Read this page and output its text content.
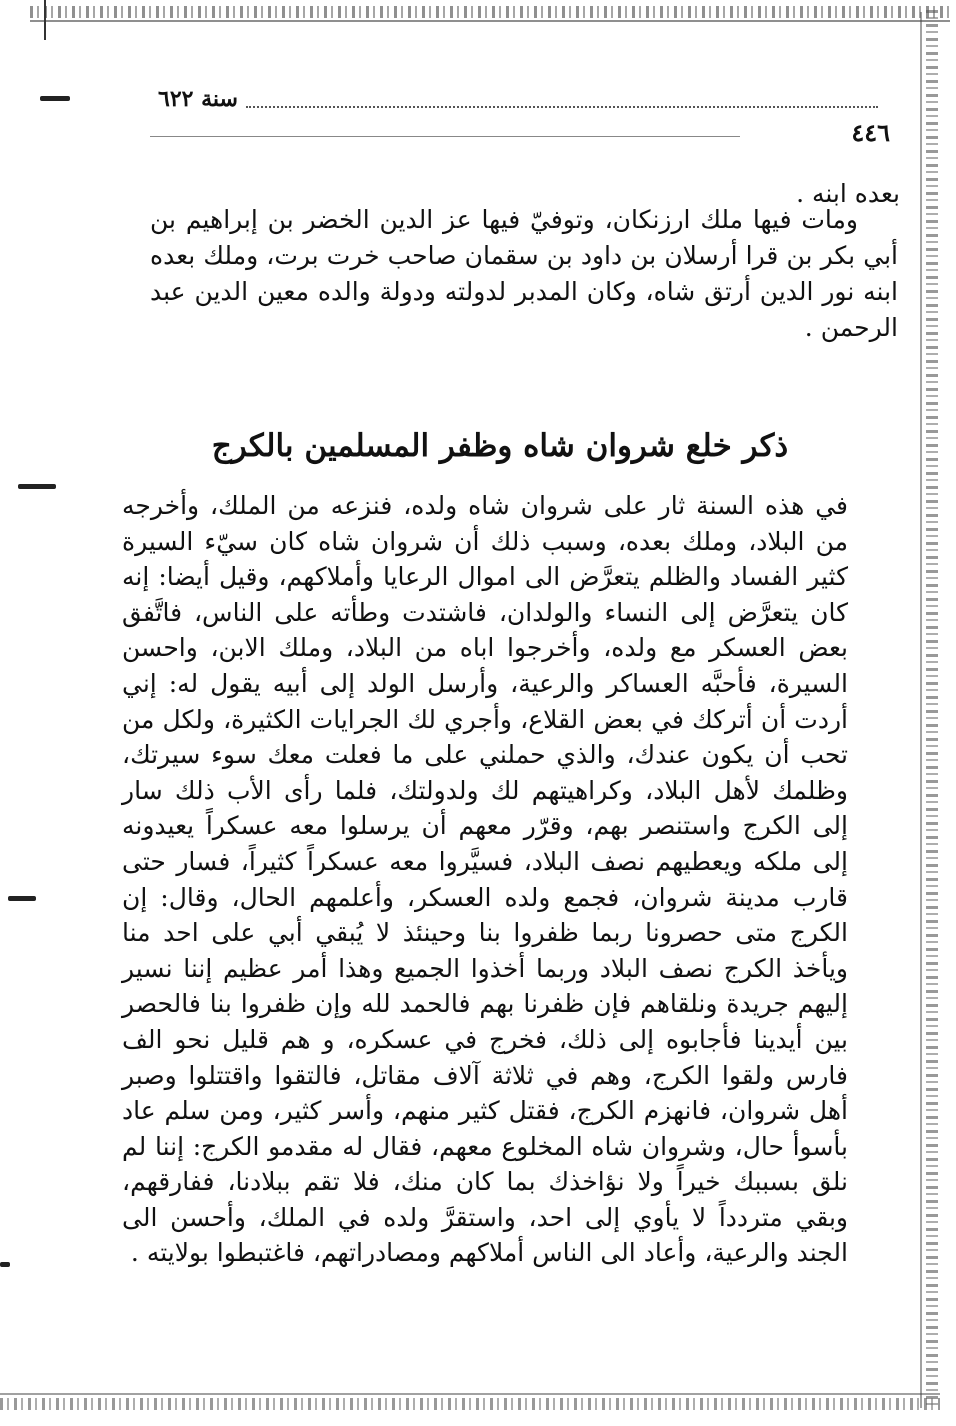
سنة ٦٢٢
٤٤٦

بعده ابنه .

ومات فيها ملك ارزنكان، وتوفيّ فيها عز الدين الخضر بن إبراهيم بن أبي بكر بن قرا أرسلان بن داود بن سقمان صاحب خرت برت، وملك بعده ابنه نور الدين أرتق شاه، وكان المدبر لدولته ودولة والده معين الدين عبد الرحمن .

ذكر خلع شروان شاه وظفر المسلمين بالكرج

في هذه السنة ثار على شروان شاه ولده، فنزعه من الملك، وأخرجه من البلاد، وملك بعده، وسبب ذلك أن شروان شاه كان سيّء السيرة كثير الفساد والظلم يتعرَّض الى اموال الرعايا وأملاكهم، وقيل أيضا: إنه كان يتعرَّض إلى النساء والولدان، فاشتدت وطأته على الناس، فاتَّفق بعض العسكر مع ولده، وأخرجوا اباه من البلاد، وملك الابن، واحسن السيرة، فأحبَّه العساكر والرعية، وأرسل الولد إلى أبيه يقول له: إني أردت أن أتركك في بعض القلاع، وأجري لك الجرايات الكثيرة، ولكل من تحب أن يكون عندك، والذي حملني على ما فعلت معك سوء سيرتك، وظلمك لأهل البلاد، وكراهيتهم لك ولدولتك، فلما رأى الأب ذلك سار إلى الكرج واستنصر بهم، وقرّر معهم أن يرسلوا معه عسكراً يعيدونه إلى ملكه ويعطيهم نصف البلاد، فسيَّروا معه عسكراً كثيراً، فسار حتى قارب مدينة شروان، فجمع ولده العسكر، وأعلمهم الحال، وقال: إن الكرج متى حصرونا ربما ظفروا بنا وحينئذ لا يُبقي أبي على احد منا ويأخذ الكرج نصف البلاد وربما أخذوا الجميع وهذا أمر عظيم إننا نسير إليهم جريدة ونلقاهم فإن ظفرنا بهم فالحمد لله وإن ظفروا بنا فالحصر بين أيدينا فأجابوه إلى ذلك، فخرج في عسكره، و هم قليل نحو الف فارس ولقوا الكرج، وهم في ثلاثة آلاف مقاتل، فالتقوا واقتتلوا وصبر أهل شروان، فانهزم الكرج، فقتل كثير منهم، وأسر كثير، ومن سلم عاد بأسوأ حال، وشروان شاه المخلوع معهم، فقال له مقدمو الكرج: إننا لم نلق بسببك خيراً ولا نؤاخذك بما كان منك، فلا تقم ببلادنا، ففارقهم، وبقي متردداً لا يأوي إلى احد، واستقرَّ ولده في الملك، وأحسن الى الجند والرعية، وأعاد الى الناس أملاكهم ومصادراتهم، فاغتبطوا بولايته .
